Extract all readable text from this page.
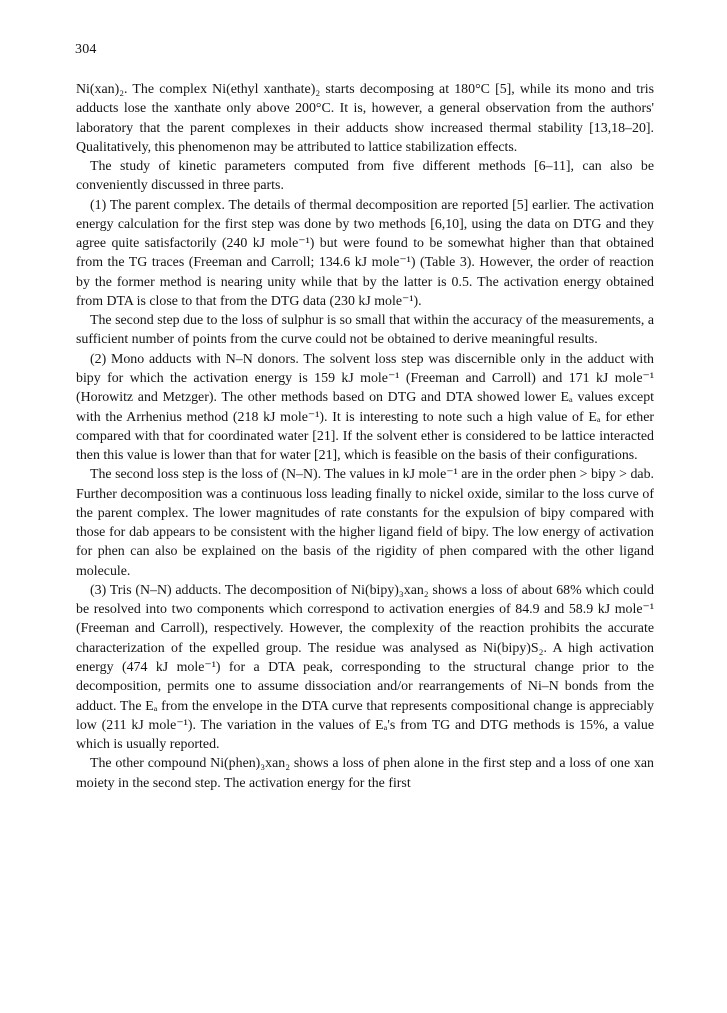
304

Ni(xan)₂. The complex Ni(ethyl xanthate)₂ starts decomposing at 180°C [5], while its mono and tris adducts lose the xanthate only above 200°C. It is, however, a general observation from the authors' laboratory that the parent complexes in their adducts show increased thermal stability [13,18–20]. Qualitatively, this phenomenon may be attributed to lattice stabilization effects.

The study of kinetic parameters computed from five different methods [6–11], can also be conveniently discussed in three parts.

(1) The parent complex. The details of thermal decomposition are reported [5] earlier. The activation energy calculation for the first step was done by two methods [6,10], using the data on DTG and they agree quite satisfactorily (240 kJ mole⁻¹) but were found to be somewhat higher than that obtained from the TG traces (Freeman and Carroll; 134.6 kJ mole⁻¹) (Table 3). However, the order of reaction by the former method is nearing unity while that by the latter is 0.5. The activation energy obtained from DTA is close to that from the DTG data (230 kJ mole⁻¹).

The second step due to the loss of sulphur is so small that within the accuracy of the measurements, a sufficient number of points from the curve could not be obtained to derive meaningful results.

(2) Mono adducts with N–N donors. The solvent loss step was discernible only in the adduct with bipy for which the activation energy is 159 kJ mole⁻¹ (Freeman and Carroll) and 171 kJ mole⁻¹ (Horowitz and Metzger). The other methods based on DTG and DTA showed lower Eₐ values except with the Arrhenius method (218 kJ mole⁻¹). It is interesting to note such a high value of Eₐ for ether compared with that for coordinated water [21]. If the solvent ether is considered to be lattice interacted then this value is lower than that for water [21], which is feasible on the basis of their configurations.

The second loss step is the loss of (N–N). The values in kJ mole⁻¹ are in the order phen > bipy > dab. Further decomposition was a continuous loss leading finally to nickel oxide, similar to the loss curve of the parent complex. The lower magnitudes of rate constants for the expulsion of bipy compared with those for dab appears to be consistent with the higher ligand field of bipy. The low energy of activation for phen can also be explained on the basis of the rigidity of phen compared with the other ligand molecule.

(3) Tris (N–N) adducts. The decomposition of Ni(bipy)₃xan₂ shows a loss of about 68% which could be resolved into two components which correspond to activation energies of 84.9 and 58.9 kJ mole⁻¹ (Freeman and Carroll), respectively. However, the complexity of the reaction prohibits the accurate characterization of the expelled group. The residue was analysed as Ni(bipy)S₂. A high activation energy (474 kJ mole⁻¹) for a DTA peak, corresponding to the structural change prior to the decomposition, permits one to assume dissociation and/or rearrangements of Ni–N bonds from the adduct. The Eₐ from the envelope in the DTA curve that represents compositional change is appreciably low (211 kJ mole⁻¹). The variation in the values of Eₐ's from TG and DTG methods is 15%, a value which is usually reported.

The other compound Ni(phen)₃xan₂ shows a loss of phen alone in the first step and a loss of one xan moiety in the second step. The activation energy for the first
